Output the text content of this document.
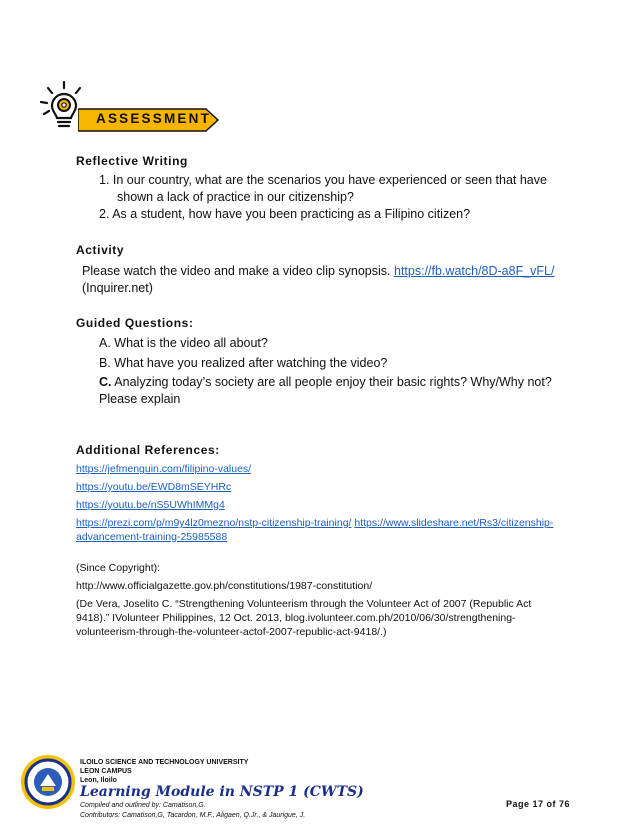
ASSESSMENT
Reflective Writing
1. In our country, what are the scenarios you have experienced or seen that have
shown a lack of practice in our citizenship?
2. As a student, how have you been practicing as a Filipino citizen?
Activity
Please watch the video and make a video clip synopsis. https://fb.watch/8D-a8F_vFL/
(Inquirer.net)
Guided Questions:
A. What is the video all about?
B. What have you realized after watching the video?
C. Analyzing today’s society are all people enjoy their basic rights? Why/Why not?
Please explain
Additional References:
https://jefmenguin.com/filipino-values/
https://youtu.be/EWD8mSEYHRc
https://youtu.be/nS5UWhIMMg4
https://prezi.com/p/m9y4lz0mezno/nstp-citizenship-training/ https://www.slideshare.net/Rs3/citizenship-
advancement-training-25985588
(Since Copyright):
http://www.officialgazette.gov.ph/constitutions/1987-constitution/
(De Vera, Joselito C. “Strengthening Volunteerism through the Volunteer Act of 2007 (Republic Act
9418).” IVolunteer Philippines, 12 Oct. 2013, blog.ivolunteer.com.ph/2010/06/30/strengthening-
volunteerism-through-the-volunteer-actof-2007-republic-act-9418/.)
ILOILO SCIENCE AND TECHNOLOGY UNIVERSITY
LEON CAMPUS
Leon, Iloilo
Learning Module in NSTP 1 (CWTS)
Compiled and outlined by: Camatison,G.
Contributors: Camatison,G, Tacardon, M.F., Aligaen, Q.Jr., & Jaurigue, J.
Page 17 of 76
